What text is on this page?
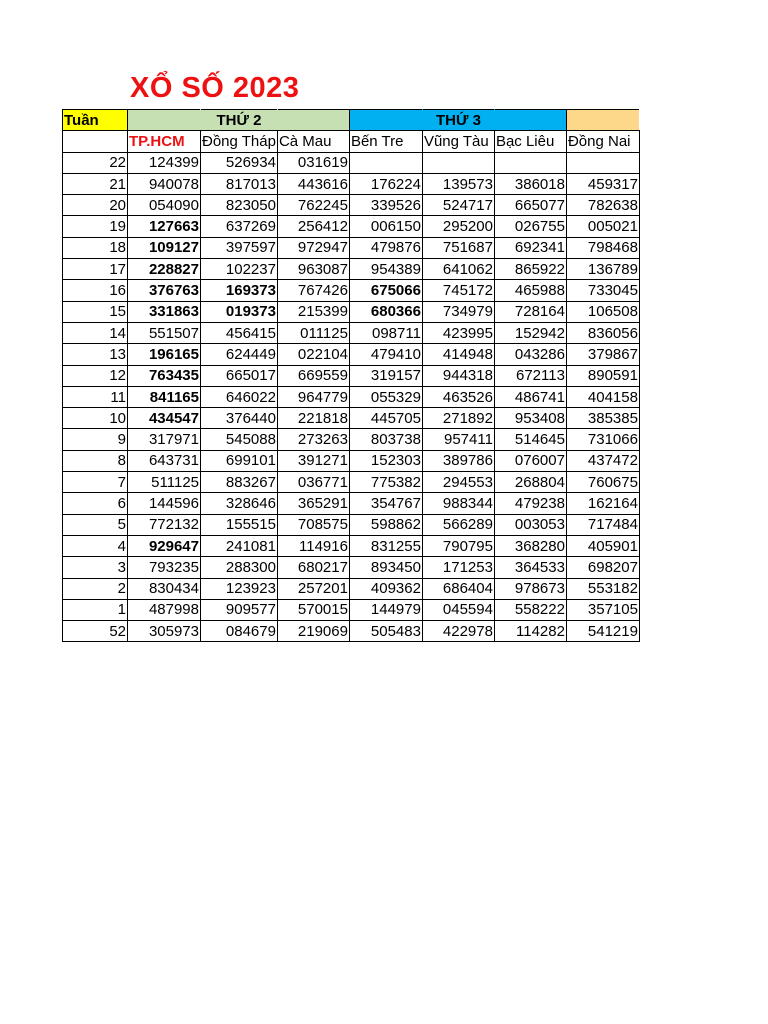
XỔ SỐ 2023
Tuần		THỨ 2			THỨ 3		
	TP.HCM	Đồng Tháp	Cà Mau	Bến Tre	Vũng Tàu	Bạc Liêu	Đồng Nai
22	124399	526934	031619				
21	940078	817013	443616	176224	139573	386018	459317
20	054090	823050	762245	339526	524717	665077	782638
19	127663	637269	256412	006150	295200	026755	005021
18	109127	397597	972947	479876	751687	692341	798468
17	228827	102237	963087	954389	641062	865922	136789
16	376763	169373	767426	675066	745172	465988	733045
15	331863	019373	215399	680366	734979	728164	106508
14	551507	456415	011125	098711	423995	152942	836056
13	196165	624449	022104	479410	414948	043286	379867
12	763435	665017	669559	319157	944318	672113	890591
11	841165	646022	964779	055329	463526	486741	404158
10	434547	376440	221818	445705	271892	953408	385385
9	317971	545088	273263	803738	957411	514645	731066
8	643731	699101	391271	152303	389786	076007	437472
7	511125	883267	036771	775382	294553	268804	760675
6	144596	328646	365291	354767	988344	479238	162164
5	772132	155515	708575	598862	566289	003053	717484
4	929647	241081	114916	831255	790795	368280	405901
3	793235	288300	680217	893450	171253	364533	698207
2	830434	123923	257201	409362	686404	978673	553182
1	487998	909577	570015	144979	045594	558222	357105
52	305973	084679	219069	505483	422978	114282	541219
